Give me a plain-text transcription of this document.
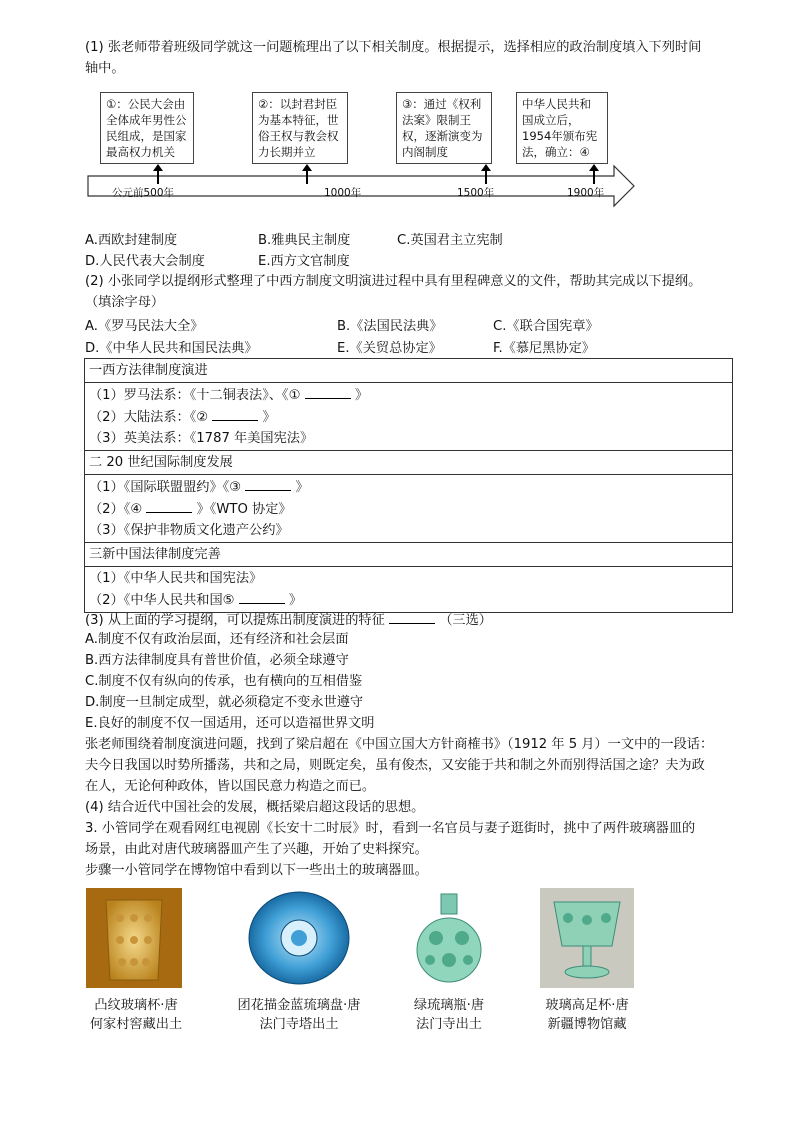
(1) 张老师带着班级同学就这一问题梳理出了以下相关制度。根据提示，选择相应的政治制度填入下列时间
轴中。
公元前500年	1000年	1500年	1900年
①：公民大会由全体成年男性公民组成，是国家最高权力机关
②：以封君封臣为基本特征，世俗王权与教会权力长期并立
③：通过《权利法案》限制王权，逐渐演变为内阁制度
中华人民共和国成立后，1954年颁布宪法，确立：④
A.西欧封建制度	B.雅典民主制度	C.英国君主立宪制
D.人民代表大会制度	E.西方文官制度
(2) 小张同学以提纲形式整理了中西方制度文明演进过程中具有里程碑意义的文件，帮助其完成以下提纲。
（填涂字母）
A.《罗马民法大全》	B.《法国民法典》	C.《联合国宪章》
D.《中华人民共和国民法典》	E.《关贸总协定》	F.《慕尼黑协定》
一西方法律制度演进

（1）罗马法系：《十二铜表法》、《①	》
（2）大陆法系：《②	》
（3）英美法系：《1787 年美国宪法》

二 20 世纪国际制度发展

（1）《国际联盟盟约》《③	》
（2）《④	》《WTO 协定》
（3）《保护非物质文化遗产公约》

三新中国法律制度完善

（1）《中华人民共和国宪法》
（2）《中华人民共和国⑤	》
(3) 从上面的学习提纲，可以提炼出制度演进的特征	（三选）
A.制度不仅有政治层面，还有经济和社会层面
B.西方法律制度具有普世价值，必须全球遵守
C.制度不仅有纵向的传承，也有横向的互相借鉴
D.制度一旦制定成型，就必须稳定不变永世遵守
E.良好的制度不仅一国适用，还可以造福世界文明
张老师围绕着制度演进问题，找到了梁启超在《中国立国大方针商榷书》（1912 年 5 月）一文中的一段话：
夫今日我国以时势所播荡，共和之局，则既定矣，虽有俊杰，又安能于共和制之外而别得活国之途？夫为政
在人，无论何种政体，皆以国民意力构造之而已。
(4) 结合近代中国社会的发展，概括梁启超这段话的思想。
3. 小管同学在观看网红电视剧《长安十二时辰》时，看到一名官员与妻子逛街时，挑中了两件玻璃器皿的
场景，由此对唐代玻璃器皿产生了兴趣，开始了史料探究。
步骤一小管同学在博物馆中看到以下一些出土的玻璃器皿。
凸纹玻璃杯·唐
何家村窖藏出土
团花描金蓝琉璃盘·唐
法门寺塔出土
绿琉璃瓶·唐
法门寺出土
玻璃高足杯·唐
新疆博物馆藏
